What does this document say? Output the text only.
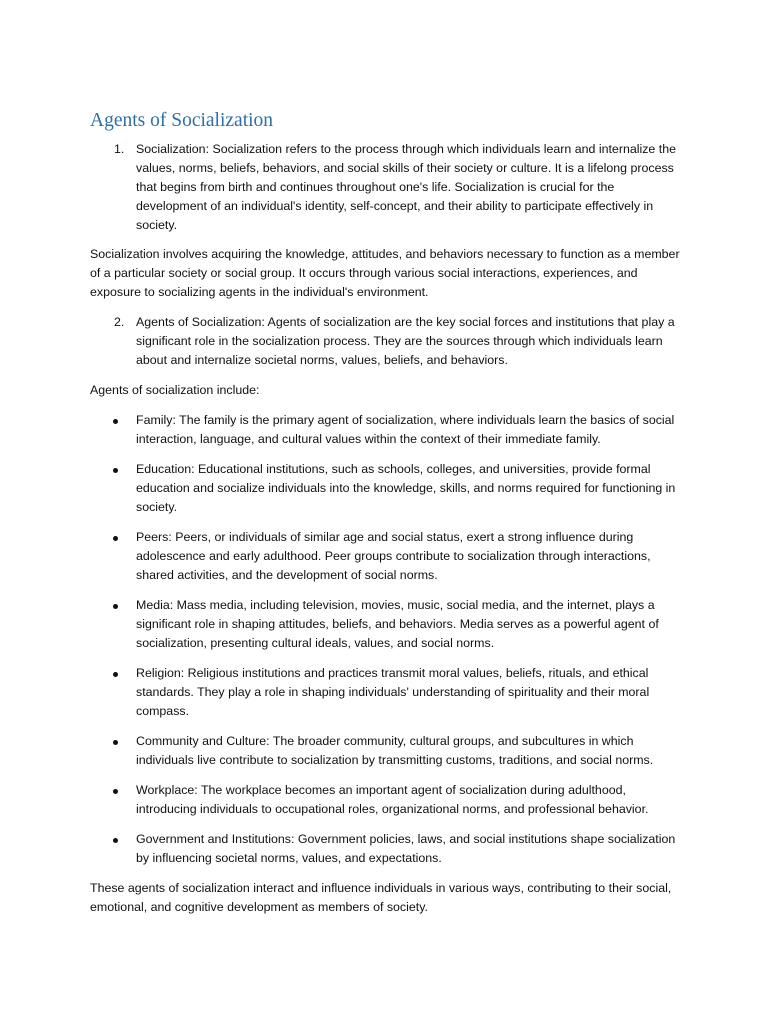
Agents of Socialization
1. Socialization: Socialization refers to the process through which individuals learn and internalize the values, norms, beliefs, behaviors, and social skills of their society or culture. It is a lifelong process that begins from birth and continues throughout one's life. Socialization is crucial for the development of an individual's identity, self-concept, and their ability to participate effectively in society.

Socialization involves acquiring the knowledge, attitudes, and behaviors necessary to function as a member of a particular society or social group. It occurs through various social interactions, experiences, and exposure to socializing agents in the individual's environment.

2. Agents of Socialization: Agents of socialization are the key social forces and institutions that play a significant role in the socialization process. They are the sources through which individuals learn about and internalize societal norms, values, beliefs, and behaviors.

Agents of socialization include:

Family: The family is the primary agent of socialization, where individuals learn the basics of social interaction, language, and cultural values within the context of their immediate family.
Education: Educational institutions, such as schools, colleges, and universities, provide formal education and socialize individuals into the knowledge, skills, and norms required for functioning in society.
Peers: Peers, or individuals of similar age and social status, exert a strong influence during adolescence and early adulthood. Peer groups contribute to socialization through interactions, shared activities, and the development of social norms.
Media: Mass media, including television, movies, music, social media, and the internet, plays a significant role in shaping attitudes, beliefs, and behaviors. Media serves as a powerful agent of socialization, presenting cultural ideals, values, and social norms.
Religion: Religious institutions and practices transmit moral values, beliefs, rituals, and ethical standards. They play a role in shaping individuals' understanding of spirituality and their moral compass.
Community and Culture: The broader community, cultural groups, and subcultures in which individuals live contribute to socialization by transmitting customs, traditions, and social norms.
Workplace: The workplace becomes an important agent of socialization during adulthood, introducing individuals to occupational roles, organizational norms, and professional behavior.
Government and Institutions: Government policies, laws, and social institutions shape socialization by influencing societal norms, values, and expectations.

These agents of socialization interact and influence individuals in various ways, contributing to their social, emotional, and cognitive development as members of society.
